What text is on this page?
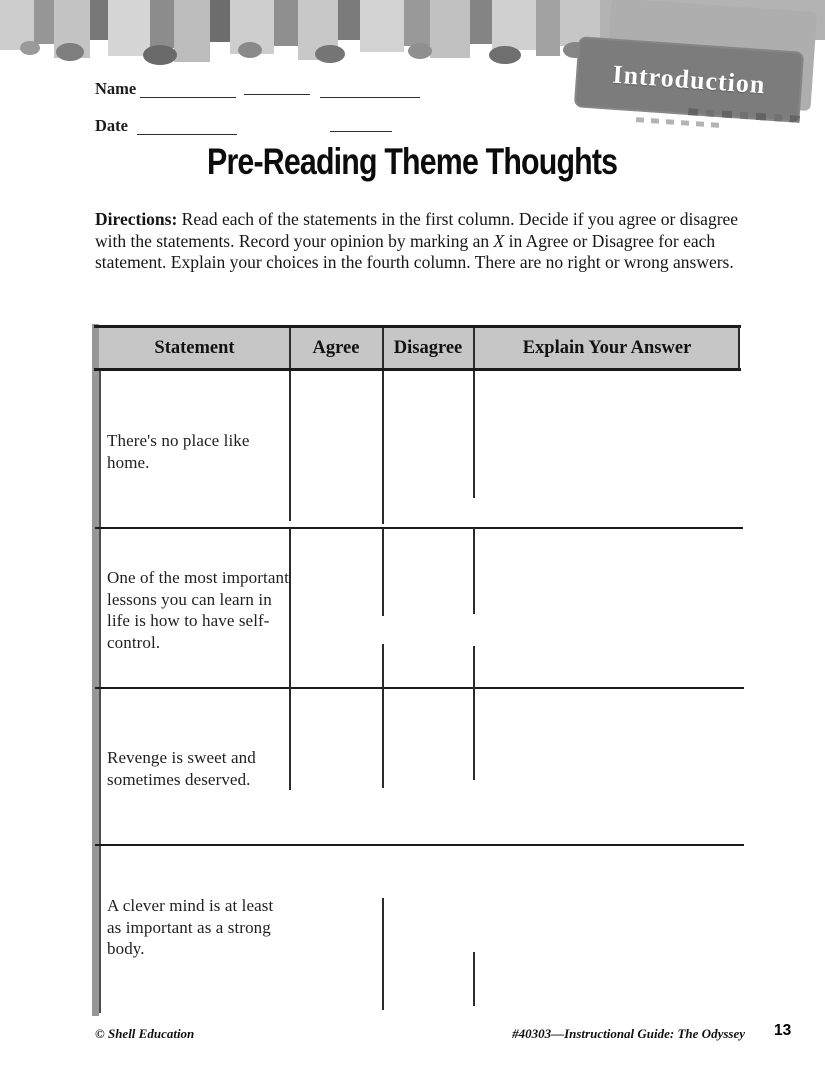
Introduction
Name
Date
Pre-Reading Theme Thoughts

Directions: Read each of the statements in the first column. Decide if you agree or disagree with the statements. Record your opinion by marking an X in Agree or Disagree for each statement. Explain your choices in the fourth column. There are no right or wrong answers.

Statement	Agree	Disagree	Explain Your Answer
There's no place like home.
One of the most important lessons you can learn in life is how to have self-control.
Revenge is sweet and sometimes deserved.
A clever mind is at least as important as a strong body.
© Shell Education	#40303—Instructional Guide: The Odyssey 13
